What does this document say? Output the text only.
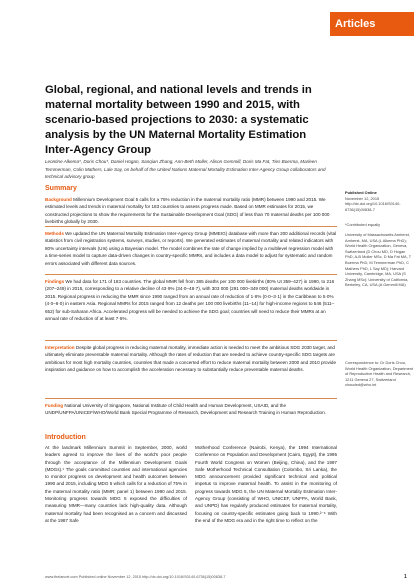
Articles
Global, regional, and national levels and trends in maternal mortality between 1990 and 2015, with scenario-based projections to 2030: a systematic analysis by the UN Maternal Mortality Estimation Inter-Agency Group
Leontine Alkema*, Doris Chou*, Daniel Hogan, Sanqian Zhang, Ann-Beth Moller, Alison Gemmill, Doris Ma Fat, Ties Boerma, Marleen Temmerman, Colin Mathers, Lale Say, on behalf of the United Nations Maternal Mortality Estimation Inter-Agency Group collaborators and technical advisory group
Summary
Background Millennium Development Goal 5 calls for a 75% reduction in the maternal mortality ratio (MMR) between 1990 and 2015. We estimated levels and trends in maternal mortality for 183 countries to assess progress made. Based on MMR estimates for 2015, we constructed projections to show the requirements for the Sustainable Development Goal (SDG) of less than 70 maternal deaths per 100 000 livebirths globally by 2030.
Methods We updated the UN Maternal Mortality Estimation Inter-Agency Group (MMEIG) database with more than 200 additional records (vital statistics from civil registration systems, surveys, studies, or reports). We generated estimates of maternal mortality and related indicators with 80% uncertainty intervals (UIs) using a Bayesian model. The model combines the rate of change implied by a multilevel regression model with a time-series model to capture data-driven changes in country-specific MMRs, and includes a data model to adjust for systematic and random errors associated with different data sources.
Findings We had data for 171 of 183 countries. The global MMR fell from 385 deaths per 100 000 livebirths (80% UI 359–427) in 1990, to 216 (207–249) in 2015, corresponding to a relative decline of 43·9% (34·0–48·7), with 303 000 (291 000–349 000) maternal deaths worldwide in 2015. Regional progress in reducing the MMR since 1990 ranged from an annual rate of reduction of 1·8% (0·0–3·1) in the Caribbean to 5·0% (4·0–6·0) in eastern Asia. Regional MMRs for 2015 ranged from 12 deaths per 100 000 livebirths (11–14) for high-income regions to 546 (511–652) for sub-Saharan Africa. Accelerated progress will be needed to achieve the SDG goal; countries will need to reduce their MMRs at an annual rate of reduction of at least 7·5%.
Interpretation Despite global progress in reducing maternal mortality, immediate action is needed to meet the ambitious SDG 2030 target, and ultimately eliminate preventable maternal mortality. Although the rates of reduction that are needed to achieve country-specific SDG targets are ambitious for most high mortality countries, countries that made a concerted effort to reduce maternal mortality between 2000 and 2010 provide inspiration and guidance on how to accomplish the acceleration necessary to substantially reduce preventable maternal deaths.
Funding National University of Singapore, National Institute of Child Health and Human Development, USAID, and the UNDP/UNFPA/UNICEF/WHO/World Bank Special Programme of Research, Development and Research Training in Human Reproduction.
Published Online
November 12, 2015 http://dx.doi.org/10.1016/S0140-6736(15)00838-7
*Contributed equally
University of Massachusetts Amherst, Amherst, MA, USA (L Alkema PhD); World Health Organization, Geneva, Switzerland (D Chou MD, D Hogan PhD, A-B Moller MSc, D Ma Fat MA, T Boerma PhD, M Temmerman PhD, C Mathers PhD, L Say MD); Harvard University, Cambridge, MA, USA (S Zhang MSc); University of California, Berkeley, CA, USA (A Gemmill MA)
Correspondence to: Dr Doris Chou, World Health Organization, Department of Reproductive Health and Research, 1211 Geneva 27, Switzerland chouded@who.int
Introduction
At the landmark Millennium Summit in September, 2000, world leaders agreed to improve the lives of the world's poor people through the acceptance of the Millennium Development Goals (MDGs).¹ The goals committed countries and international agencies to monitor progress on development and health outcomes between 1990 and 2015, including MDG 5 which calls for a reduction of 75% in the maternal mortality ratio (MMR; panel 1) between 1990 and 2015. Monitoring progress towards MDG 5 exposed the difficulties of measuring MMR—many countries lack high-quality data. Although maternal mortality had been recognised as a concern and discussed at the 1987 Safe
Motherhood Conference (Nairobi, Kenya), the 1994 International Conference on Population and Development (Cairo, Egypt), the 1995 Fourth World Congress on Women (Beijing, China), and the 1997 Safe Motherhood Technical Consultation (Colombo, Sri Lanka), the MDG announcement provided significant technical and political impetus to improve maternal health. To assist in the monitoring of progress towards MDG 5, the UN Maternal Mortality Estimation Inter-Agency Group (consisting of WHO, UNICEF, UNFPA, World Bank, and UNPD) has regularly produced estimates for maternal mortality, focusing on country-specific estimates going back to 1990.²⁻⁶ With the end of the MDG era and in the right time to reflect on the
www.thelancet.com Published online November 12, 2015 http://dx.doi.org/10.1016/S0140-6736(15)00838-7	1
